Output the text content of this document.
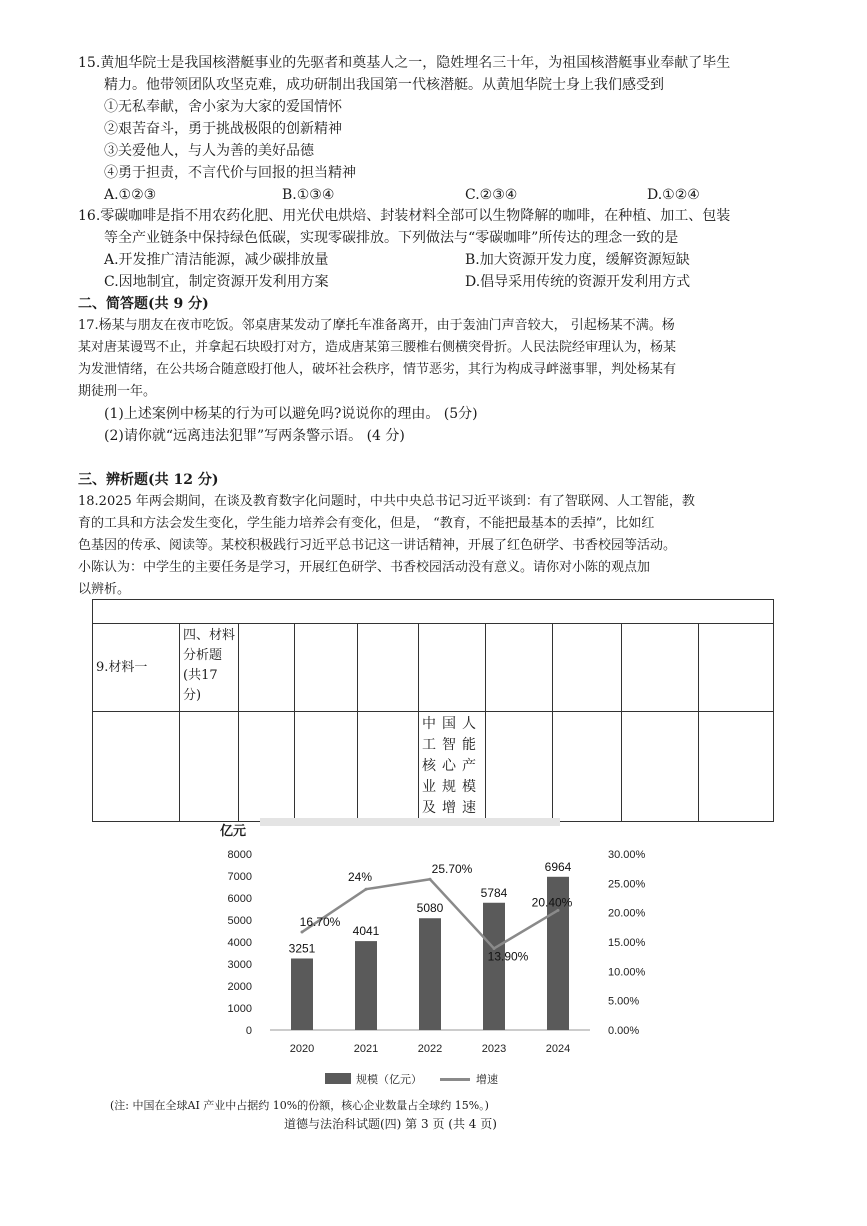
15.黄旭华院士是我国核潜艇事业的先驱者和奠基人之一，隐姓埋名三十年，为祖国核潜艇事业奉献了毕生
精力。他带领团队攻坚克难，成功研制出我国第一代核潜艇。从黄旭华院士身上我们感受到
①无私奉献，舍小家为大家的爱国情怀
②艰苦奋斗，勇于挑战极限的创新精神
③关爱他人，与人为善的美好品德
④勇于担责，不言代价与回报的担当精神
A.①②③	B.①③④	C.②③④	D.①②④
16.零碳咖啡是指不用农药化肥、用光伏电烘焙、封装材料全部可以生物降解的咖啡，在种植、加工、包装
等全产业链条中保持绿色低碳，实现零碳排放。下列做法与“零碳咖啡”所传达的理念一致的是
A.开发推广清洁能源，减少碳排放量	B.加大资源开发力度，缓解资源短缺
C.因地制宜，制定资源开发利用方案	D.倡导采用传统的资源开发利用方式
二、简答题(共 9 分)
17.杨某与朋友在夜市吃饭。邻桌唐某发动了摩托车准备离开，由于轰油门声音较大， 引起杨某不满。杨
某对唐某谩骂不止，并拿起石块殴打对方，造成唐某第三腰椎右侧横突骨折。人民法院经审理认为，杨某
为发泄情绪，在公共场合随意殴打他人，破坏社会秩序，情节恶劣，其行为构成寻衅滋事罪，判处杨某有
期徒刑一年。
(1)上述案例中杨某的行为可以避免吗?说说你的理由。 (5分)
(2)请你就“远离违法犯罪”写两条警示语。 (4 分)
三、辨析题(共 12 分)
18.2025 年两会期间，在谈及教育数字化问题时，中共中央总书记习近平谈到：有了智联网、人工智能，教
育的工具和方法会发生变化，学生能力培养会有变化，但是， “教育，不能把最基本的丢掉”，比如红
色基因的传承、阅读等。某校积极践行习近平总书记这一讲话精神，开展了红色研学、书香校园等活动。
小陈认为：中学生的主要任务是学习，开展红色研学、书香校园活动没有意义。请你对小陈的观点加
以辨析。

9.材料一	四、材料分析题(共17分)								

					中国人工智能核心产业规模及增速				

0
1000
2000
3000
4000
5000
6000
7000
8000
0.00%
5.00%
10.00%
15.00%
20.00%
25.00%
30.00%
2020	2021	2022	2023	2024
3251
4041
5080
5784
6964
16.70%
24%
25.70%
13.90%
20.40%
亿元
规模（亿元）	增速
(注: 中国在全球AI 产业中占据约 10%的份额，核心企业数量占全球约 15%。)
道德与法治科试题(四) 第 3 页 (共 4 页)
